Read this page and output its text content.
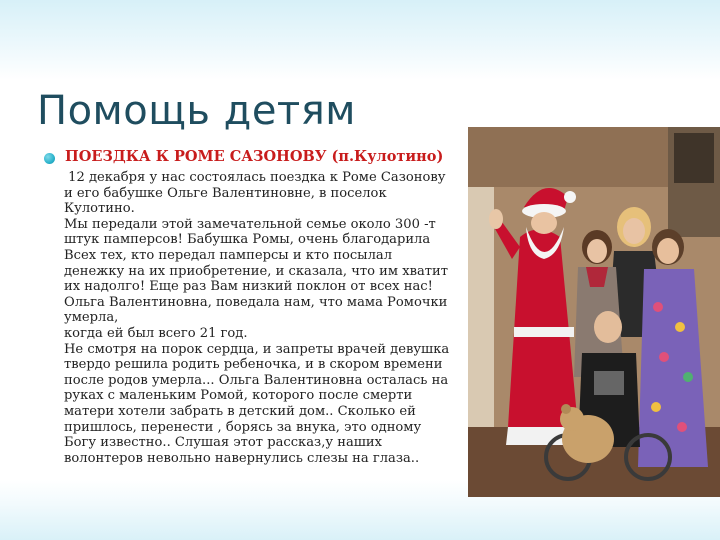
Помощь детям

ПОЕЗДКА К РОМЕ САЗОНОВУ (п.Кулотино)

12 декабря у нас состоялась поездка к Роме Сазонову

и его бабушке Ольге Валентиновне, в поселок

Кулотино.

Мы передали этой замечательной семье около 300 -т

штук памперсов! Бабушка Ромы, очень благодарила

Всех тех, кто передал памперсы и кто посылал

денежку на их приобретение, и сказала, что им хватит

их надолго! Еще раз Вам низкий поклон от всех нас!

Ольга Валентиновна, поведала нам, что мама Ромочки

умерла,

когда ей был всего 21 год.

Не смотря на порок сердца, и запреты врачей девушка

твердо решила родить ребеночка, и в скором времени

после родов умерла... Ольга Валентиновна осталась на

руках с маленьким Ромой, которого после смерти

матери хотели забрать в детский дом.. Сколько ей

пришлось, перенести , борясь за внука, это одному

Богу известно.. Слушая этот рассказ,у наших

волонтеров невольно навернулись слезы на глаза..
